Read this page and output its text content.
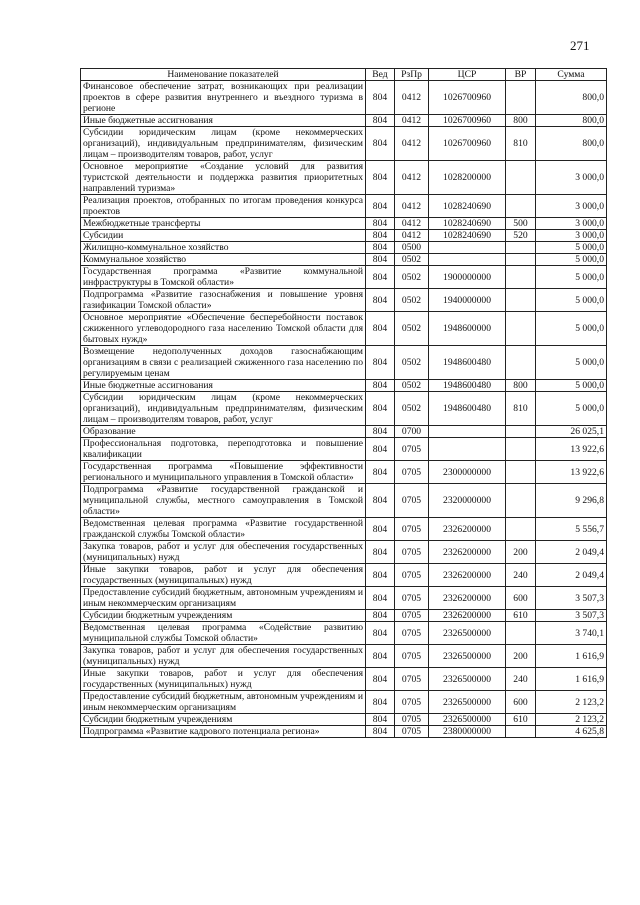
271
Наименование показателей	Вед	РзПр	ЦСР	ВР	Сумма
Финансовое обеспечение затрат, возникающих при реализации проектов в сфере развития внутреннего и въездного туризма в регионе	804	0412	1026700960		800,0
Иные бюджетные ассигнования	804	0412	1026700960	800	800,0
Субсидии юридическим лицам (кроме некоммерческих организаций), индивидуальным предпринимателям, физическим лицам – производителям товаров, работ, услуг	804	0412	1026700960	810	800,0
Основное мероприятие «Создание условий для развития туристской деятельности и поддержка развития приоритетных направлений туризма»	804	0412	1028200000		3 000,0
Реализация проектов, отобранных по итогам проведения конкурса проектов	804	0412	1028240690		3 000,0
Межбюджетные трансферты	804	0412	1028240690	500	3 000,0
Субсидии	804	0412	1028240690	520	3 000,0
Жилищно-коммунальное хозяйство	804	0500			5 000,0
Коммунальное хозяйство	804	0502			5 000,0
Государственная программа «Развитие коммунальной инфраструктуры в Томской области»	804	0502	1900000000		5 000,0
Подпрограмма «Развитие газоснабжения и повышение уровня газификации Томской области»	804	0502	1940000000		5 000,0
Основное мероприятие «Обеспечение бесперебойности поставок сжиженного углеводородного газа населению Томской области для бытовых нужд»	804	0502	1948600000		5 000,0
Возмещение недополученных доходов газоснабжающим организациям в связи с реализацией сжиженного газа населению по регулируемым ценам	804	0502	1948600480		5 000,0
Иные бюджетные ассигнования	804	0502	1948600480	800	5 000,0
Субсидии юридическим лицам (кроме некоммерческих организаций), индивидуальным предпринимателям, физическим лицам – производителям товаров, работ, услуг	804	0502	1948600480	810	5 000,0
Образование	804	0700			26 025,1
Профессиональная подготовка, переподготовка и повышение квалификации	804	0705			13 922,6
Государственная программа «Повышение эффективности регионального и муниципального управления в Томской области»	804	0705	2300000000		13 922,6
Подпрограмма «Развитие государственной гражданской и муниципальной службы, местного самоуправления в Томской области»	804	0705	2320000000		9 296,8
Ведомственная целевая программа «Развитие государственной гражданской службы Томской области»	804	0705	2326200000		5 556,7
Закупка товаров, работ и услуг для обеспечения государственных (муниципальных) нужд	804	0705	2326200000	200	2 049,4
Иные закупки товаров, работ и услуг для обеспечения государственных (муниципальных) нужд	804	0705	2326200000	240	2 049,4
Предоставление субсидий бюджетным, автономным учреждениям и иным некоммерческим организациям	804	0705	2326200000	600	3 507,3
Субсидии бюджетным учреждениям	804	0705	2326200000	610	3 507,3
Ведомственная целевая программа «Содействие развитию муниципальной службы Томской области»	804	0705	2326500000		3 740,1
Закупка товаров, работ и услуг для обеспечения государственных (муниципальных) нужд	804	0705	2326500000	200	1 616,9
Иные закупки товаров, работ и услуг для обеспечения государственных (муниципальных) нужд	804	0705	2326500000	240	1 616,9
Предоставление субсидий бюджетным, автономным учреждениям и иным некоммерческим организациям	804	0705	2326500000	600	2 123,2
Субсидии бюджетным учреждениям	804	0705	2326500000	610	2 123,2
Подпрограмма «Развитие кадрового потенциала региона»	804	0705	2380000000		4 625,8
